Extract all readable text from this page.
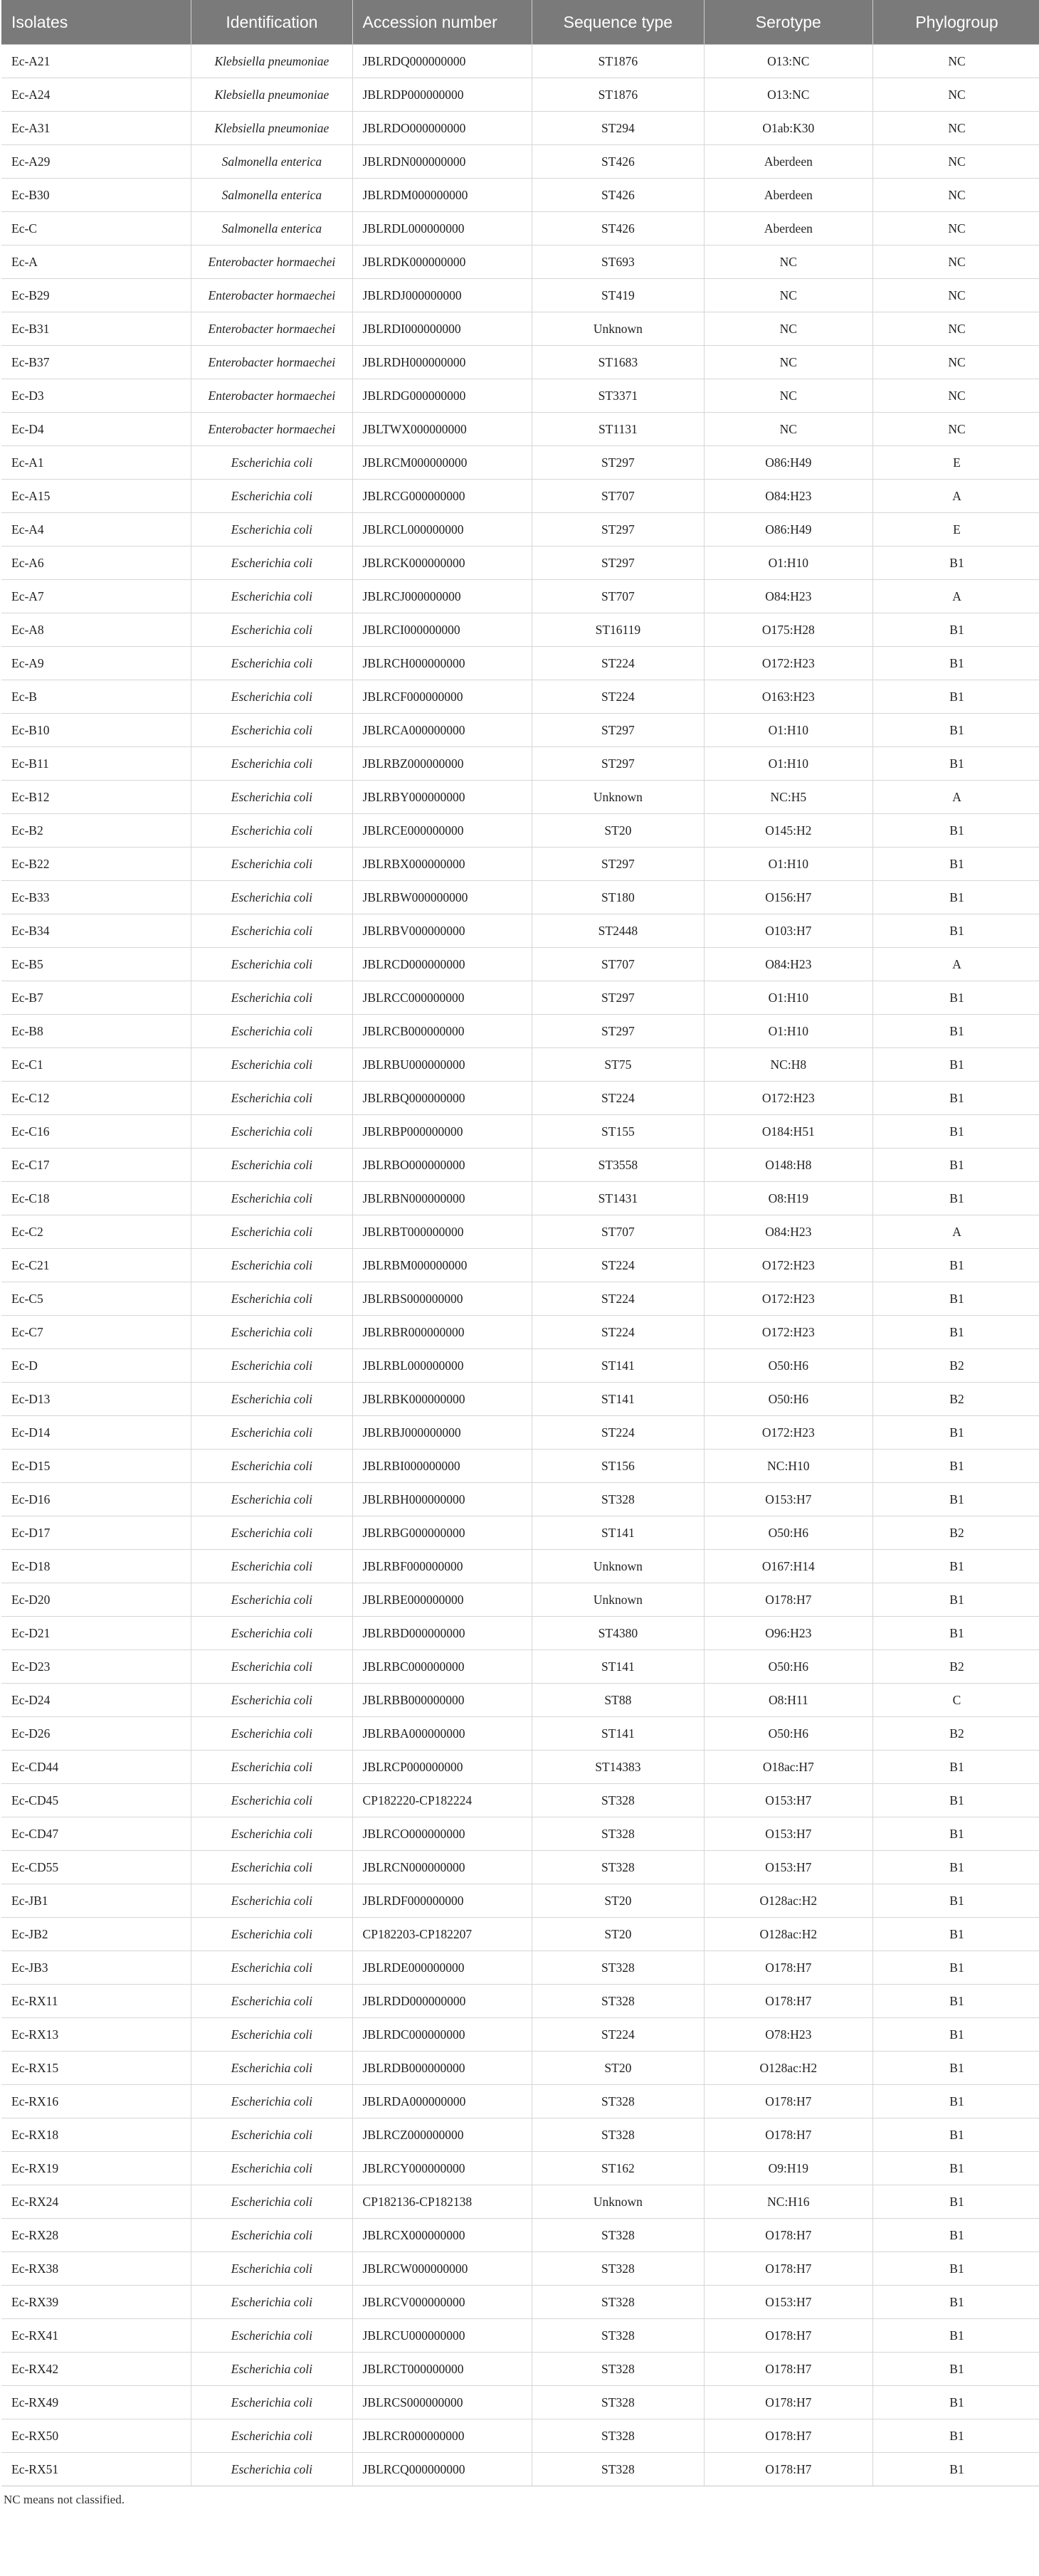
Isolates	Identification	Accession number	Sequence type	Serotype	Phylogroup
Ec-A21	Klebsiella pneumoniae	JBLRDQ000000000	ST1876	O13:NC	NC
Ec-A24	Klebsiella pneumoniae	JBLRDP000000000	ST1876	O13:NC	NC
Ec-A31	Klebsiella pneumoniae	JBLRDO000000000	ST294	O1ab:K30	NC
Ec-A29	Salmonella enterica	JBLRDN000000000	ST426	Aberdeen	NC
Ec-B30	Salmonella enterica	JBLRDM000000000	ST426	Aberdeen	NC
Ec-C	Salmonella enterica	JBLRDL000000000	ST426	Aberdeen	NC
Ec-A	Enterobacter hormaechei	JBLRDK000000000	ST693	NC	NC
Ec-B29	Enterobacter hormaechei	JBLRDJ000000000	ST419	NC	NC
Ec-B31	Enterobacter hormaechei	JBLRDI000000000	Unknown	NC	NC
Ec-B37	Enterobacter hormaechei	JBLRDH000000000	ST1683	NC	NC
Ec-D3	Enterobacter hormaechei	JBLRDG000000000	ST3371	NC	NC
Ec-D4	Enterobacter hormaechei	JBLTWX000000000	ST1131	NC	NC
Ec-A1	Escherichia coli	JBLRCM000000000	ST297	O86:H49	E
Ec-A15	Escherichia coli	JBLRCG000000000	ST707	O84:H23	A
Ec-A4	Escherichia coli	JBLRCL000000000	ST297	O86:H49	E
Ec-A6	Escherichia coli	JBLRCK000000000	ST297	O1:H10	B1
Ec-A7	Escherichia coli	JBLRCJ000000000	ST707	O84:H23	A
Ec-A8	Escherichia coli	JBLRCI000000000	ST16119	O175:H28	B1
Ec-A9	Escherichia coli	JBLRCH000000000	ST224	O172:H23	B1
Ec-B	Escherichia coli	JBLRCF000000000	ST224	O163:H23	B1
Ec-B10	Escherichia coli	JBLRCA000000000	ST297	O1:H10	B1
Ec-B11	Escherichia coli	JBLRBZ000000000	ST297	O1:H10	B1
Ec-B12	Escherichia coli	JBLRBY000000000	Unknown	NC:H5	A
Ec-B2	Escherichia coli	JBLRCE000000000	ST20	O145:H2	B1
Ec-B22	Escherichia coli	JBLRBX000000000	ST297	O1:H10	B1
Ec-B33	Escherichia coli	JBLRBW000000000	ST180	O156:H7	B1
Ec-B34	Escherichia coli	JBLRBV000000000	ST2448	O103:H7	B1
Ec-B5	Escherichia coli	JBLRCD000000000	ST707	O84:H23	A
Ec-B7	Escherichia coli	JBLRCC000000000	ST297	O1:H10	B1
Ec-B8	Escherichia coli	JBLRCB000000000	ST297	O1:H10	B1
Ec-C1	Escherichia coli	JBLRBU000000000	ST75	NC:H8	B1
Ec-C12	Escherichia coli	JBLRBQ000000000	ST224	O172:H23	B1
Ec-C16	Escherichia coli	JBLRBP000000000	ST155	O184:H51	B1
Ec-C17	Escherichia coli	JBLRBO000000000	ST3558	O148:H8	B1
Ec-C18	Escherichia coli	JBLRBN000000000	ST1431	O8:H19	B1
Ec-C2	Escherichia coli	JBLRBT000000000	ST707	O84:H23	A
Ec-C21	Escherichia coli	JBLRBM000000000	ST224	O172:H23	B1
Ec-C5	Escherichia coli	JBLRBS000000000	ST224	O172:H23	B1
Ec-C7	Escherichia coli	JBLRBR000000000	ST224	O172:H23	B1
Ec-D	Escherichia coli	JBLRBL000000000	ST141	O50:H6	B2
Ec-D13	Escherichia coli	JBLRBK000000000	ST141	O50:H6	B2
Ec-D14	Escherichia coli	JBLRBJ000000000	ST224	O172:H23	B1
Ec-D15	Escherichia coli	JBLRBI000000000	ST156	NC:H10	B1
Ec-D16	Escherichia coli	JBLRBH000000000	ST328	O153:H7	B1
Ec-D17	Escherichia coli	JBLRBG000000000	ST141	O50:H6	B2
Ec-D18	Escherichia coli	JBLRBF000000000	Unknown	O167:H14	B1
Ec-D20	Escherichia coli	JBLRBE000000000	Unknown	O178:H7	B1
Ec-D21	Escherichia coli	JBLRBD000000000	ST4380	O96:H23	B1
Ec-D23	Escherichia coli	JBLRBC000000000	ST141	O50:H6	B2
Ec-D24	Escherichia coli	JBLRBB000000000	ST88	O8:H11	C
Ec-D26	Escherichia coli	JBLRBA000000000	ST141	O50:H6	B2
Ec-CD44	Escherichia coli	JBLRCP000000000	ST14383	O18ac:H7	B1
Ec-CD45	Escherichia coli	CP182220-CP182224	ST328	O153:H7	B1
Ec-CD47	Escherichia coli	JBLRCO000000000	ST328	O153:H7	B1
Ec-CD55	Escherichia coli	JBLRCN000000000	ST328	O153:H7	B1
Ec-JB1	Escherichia coli	JBLRDF000000000	ST20	O128ac:H2	B1
Ec-JB2	Escherichia coli	CP182203-CP182207	ST20	O128ac:H2	B1
Ec-JB3	Escherichia coli	JBLRDE000000000	ST328	O178:H7	B1
Ec-RX11	Escherichia coli	JBLRDD000000000	ST328	O178:H7	B1
Ec-RX13	Escherichia coli	JBLRDC000000000	ST224	O78:H23	B1
Ec-RX15	Escherichia coli	JBLRDB000000000	ST20	O128ac:H2	B1
Ec-RX16	Escherichia coli	JBLRDA000000000	ST328	O178:H7	B1
Ec-RX18	Escherichia coli	JBLRCZ000000000	ST328	O178:H7	B1
Ec-RX19	Escherichia coli	JBLRCY000000000	ST162	O9:H19	B1
Ec-RX24	Escherichia coli	CP182136-CP182138	Unknown	NC:H16	B1
Ec-RX28	Escherichia coli	JBLRCX000000000	ST328	O178:H7	B1
Ec-RX38	Escherichia coli	JBLRCW000000000	ST328	O178:H7	B1
Ec-RX39	Escherichia coli	JBLRCV000000000	ST328	O153:H7	B1
Ec-RX41	Escherichia coli	JBLRCU000000000	ST328	O178:H7	B1
Ec-RX42	Escherichia coli	JBLRCT000000000	ST328	O178:H7	B1
Ec-RX49	Escherichia coli	JBLRCS000000000	ST328	O178:H7	B1
Ec-RX50	Escherichia coli	JBLRCR000000000	ST328	O178:H7	B1
Ec-RX51	Escherichia coli	JBLRCQ000000000	ST328	O178:H7	B1
NC means not classified.
